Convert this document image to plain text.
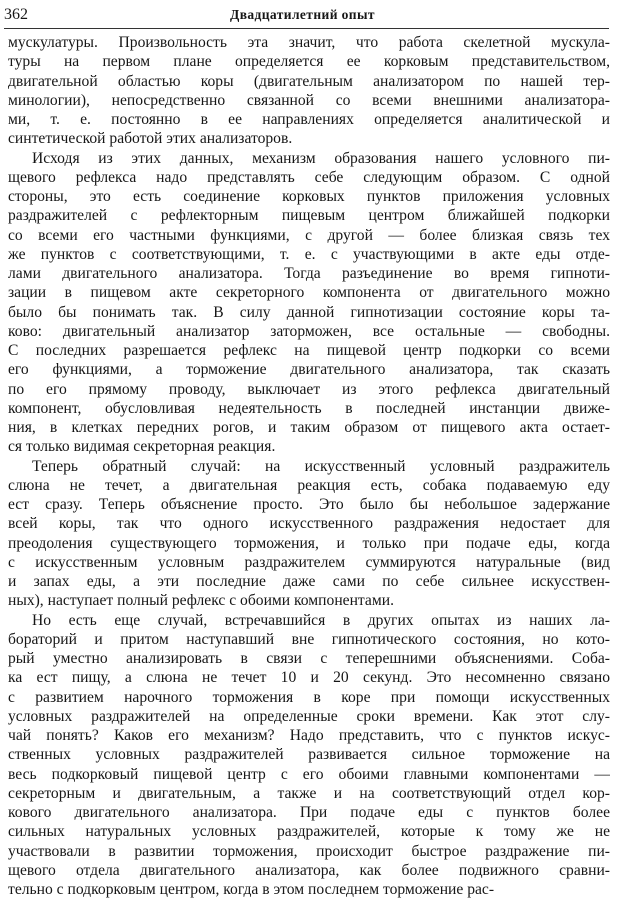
362	Двадцатилетний опыт
мускулатуры. Произвольность эта значит, что работа скелетной мускула-
туры на первом плане определяется ее корковым представительством,
двигательной областью коры (двигательным анализатором по нашей тер-
минологии), непосредственно связанной со всеми внешними анализатора-
ми, т. е. постоянно в ее направлениях определяется аналитической и
синтетической работой этих анализаторов.
Исходя из этих данных, механизм образования нашего условного пи-
щевого рефлекса надо представлять себе следующим образом. С одной
стороны, это есть соединение корковых пунктов приложения условных
раздражителей с рефлекторным пищевым центром ближайшей подкорки
со всеми его частными функциями, с другой — более близкая связь тех
же пунктов с соответствующими, т. е. с участвующими в акте еды отде-
лами двигательного анализатора. Тогда разъединение во время гипноти-
зации в пищевом акте секреторного компонента от двигательного можно
было бы понимать так. В силу данной гипнотизации состояние коры та-
ково: двигательный анализатор заторможен, все остальные — свободны.
С последних разрешается рефлекс на пищевой центр подкорки со всеми
его функциями, а торможение двигательного анализатора, так сказать
по его прямому проводу, выключает из этого рефлекса двигательный
компонент, обусловливая недеятельность в последней инстанции движе-
ния, в клетках передних рогов, и таким образом от пищевого акта остает-
ся только видимая секреторная реакция.
Теперь обратный случай: на искусственный условный раздражитель
слюна не течет, а двигательная реакция есть, собака подаваемую еду
ест сразу. Теперь объяснение просто. Это было бы небольшое задержание
всей коры, так что одного искусственного раздражения недостает для
преодоления существующего торможения, и только при подаче еды, когда
с искусственным условным раздражителем суммируются натуральные (вид
и запах еды, а эти последние даже сами по себе сильнее искусствен-
ных), наступает полный рефлекс с обоими компонентами.
Но есть еще случай, встречавшийся в других опытах из наших ла-
бораторий и притом наступавший вне гипнотического состояния, но кото-
рый уместно анализировать в связи с теперешними объяснениями. Соба-
ка ест пищу, а слюна не течет 10 и 20 секунд. Это несомненно связано
с развитием нарочного торможения в коре при помощи искусственных
условных раздражителей на определенные сроки времени. Как этот слу-
чай понять? Каков его механизм? Надо представить, что с пунктов искус-
ственных условных раздражителей развивается сильное торможение на
весь подкорковый пищевой центр с его обоими главными компонентами —
секреторным и двигательным, а также и на соответствующий отдел кор-
кового двигательного анализатора. При подаче еды с пунктов более
сильных натуральных условных раздражителей, которые к тому же не
участвовали в развитии торможения, происходит быстрое раздражение пи-
щевого отдела двигательного анализатора, как более подвижного сравни-
тельно с подкорковым центром, когда в этом последнем торможение рас-
